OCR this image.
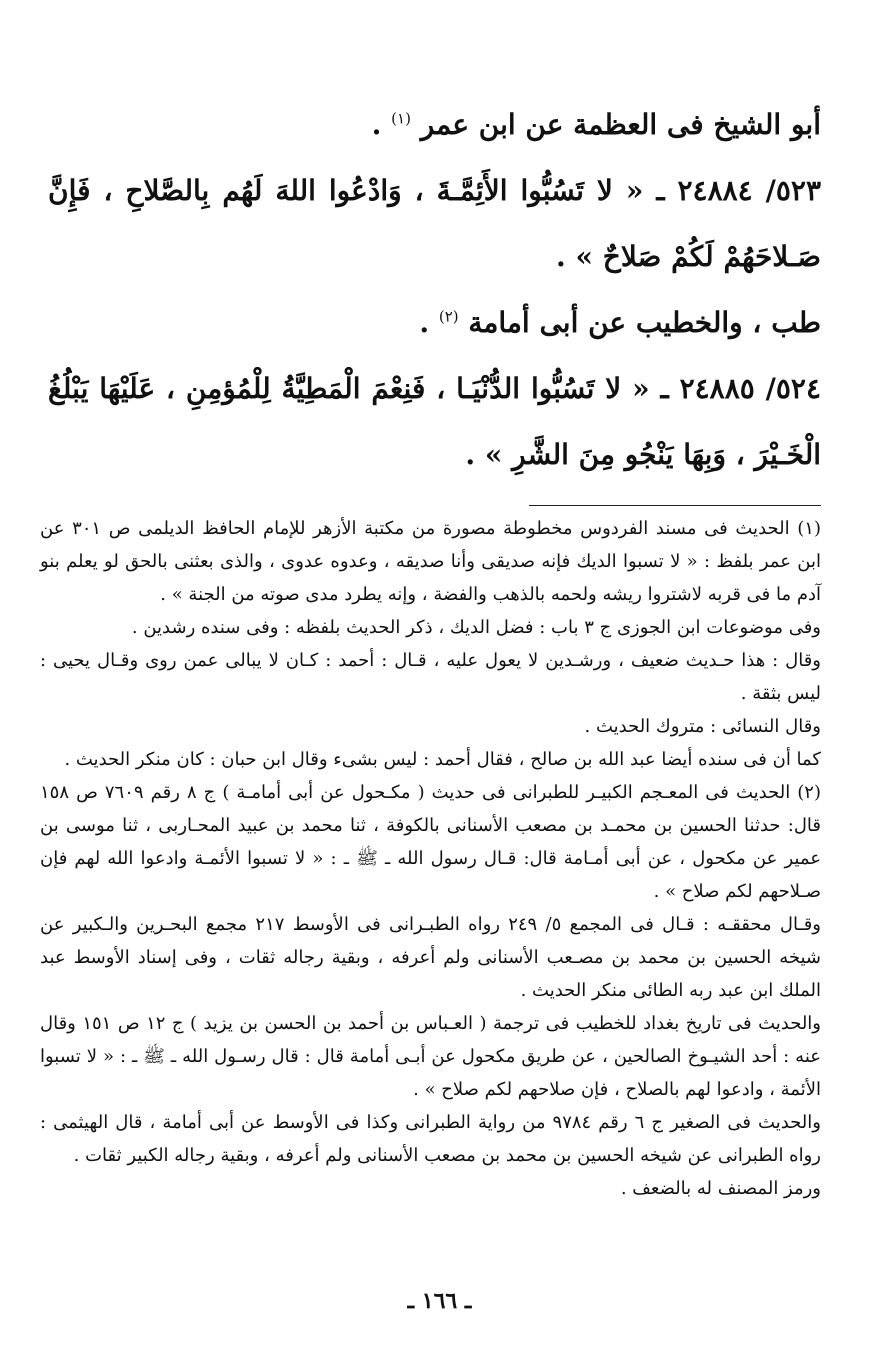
أبو الشيخ فى العظمة عن ابن عمر $^{(١)}$ .

٥٢٣/ ٢٤٨٨٤ ـ « لا تَسُبُّوا الأَئِمَّـةَ ، وَادْعُوا اللهَ لَهُم بِالصَّلاحِ ، فَإِنَّ صَـلاحَهُمْ لَكُمْ صَلاحٌ » .

طب ، والخطيب عن أبى أمامة $^{(٢)}$ .

٥٢٤/ ٢٤٨٨٥ ـ « لا تَسُبُّوا الدُّنْيَـا ، فَنِعْمَ الْمَطِيَّةُ لِلْمُؤمِنِ ، عَلَيْهَا يَبْلُغُ الْخَـيْرَ ، وَبِهَا يَنْجُو مِنَ الشَّرِ » .

(١) الحديث فى مسند الفردوس مخطوطة مصورة من مكتبة الأزهر للإمام الحافظ الديلمى ص ٣٠١ عن ابن عمر بلفظ : « لا تسبوا الديك فإنه صديقى وأنا صديقه ، وعدوه عدوى ، والذى بعثنى بالحق لو يعلم بنو آدم ما فى قربه لاشتروا ريشه ولحمه بالذهب والفضة ، وإنه يطرد مدى صوته من الجنة » .

وفى موضوعات ابن الجوزى ج ٣ باب : فضل الديك ، ذكر الحديث بلفظه : وفى سنده رشدين .

وقال : هذا حـديث ضعيف ، ورشـدين لا يعول عليه ، قـال : أحمد : كـان لا يبالى عمن روى وقـال يحيى : ليس بثقة .

وقال النسائى : متروك الحديث .

كما أن فى سنده أيضا عبد الله بن صالح ، فقال أحمد : ليس بشىء وقال ابن حبان : كان منكر الحديث .

(٢) الحديث فى المعـجم الكبيـر للطبرانى فى حديث ( مكـحول عن أبى أمامـة ) ج ٨ رقم ٧٦٠٩ ص ١٥٨ قال: حدثنا الحسين بن محمـد بن مصعب الأسنانى بالكوفة ، ثنا محمد بن عبيد المحـاربى ، ثنا موسى بن عمير عن مكحول ، عن أبى أمـامة قال: قـال رسول الله ـ ﷺ ـ : « لا تسبوا الأئمـة وادعوا الله لهم فإن صـلاحهم لكم صلاح » .

وقـال محققـه : قـال فى المجمع ٥/ ٢٤٩ رواه الطبـرانى فى الأوسط ٢١٧ مجمع البحـرين والـكبير عن شيخه الحسين بن محمد بن مصـعب الأسنانى ولم أعرفه ، وبقية رجاله ثقات ، وفى إسناد الأوسط عبد الملك ابن عبد ربه الطائى منكر الحديث .

والحديث فى تاريخ بغداد للخطيب فى ترجمة ( العـباس بن أحمد بن الحسن بن يزيد ) ج ١٢ ص ١٥١ وقال عنه : أحد الشيـوخ الصالحين ، عن طريق مكحول عن أبـى أمامة قال : قال رسـول الله ـ ﷺ ـ : « لا تسبوا الأئمة ، وادعوا لهم بالصلاح ، فإن صلاحهم لكم صلاح » .

والحديث فى الصغير ج ٦ رقم ٩٧٨٤ من رواية الطبرانى وكذا فى الأوسط عن أبى أمامة ، قال الهيثمى : رواه الطبرانى عن شيخه الحسين بن محمد بن مصعب الأسنانى ولم أعرفه ، وبقية رجاله الكبير ثقات .

ورمز المصنف له بالضعف .

ـ ١٦٦ ـ
